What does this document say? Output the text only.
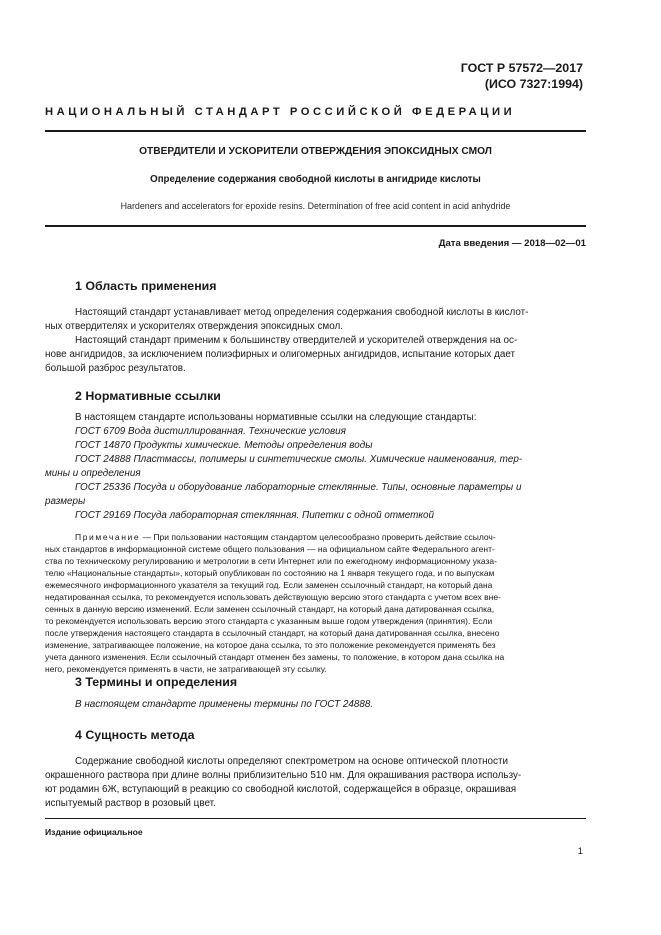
ГОСТ Р 57572—2017
(ИСО 7327:1994)
НАЦИОНАЛЬНЫЙ СТАНДАРТ РОССИЙСКОЙ ФЕДЕРАЦИИ
ОТВЕРДИТЕЛИ И УСКОРИТЕЛИ ОТВЕРЖДЕНИЯ ЭПОКСИДНЫХ СМОЛ
Определение содержания свободной кислоты в ангидриде кислоты
Hardeners and accelerators for epoxide resins. Determination of free acid content in acid anhydride
Дата введения — 2018—02—01
1 Область применения
Настоящий стандарт устанавливает метод определения содержания свободной кислоты в кислот-
ных отвердителях и ускорителях отверждения эпоксидных смол.
Настоящий стандарт применим к большинству отвердителей и ускорителей отверждения на ос-
нове ангидридов, за исключением полиэфирных и олигомерных ангидридов, испытание которых дает
большой разброс результатов.
2 Нормативные ссылки
В настоящем стандарте использованы нормативные ссылки на следующие стандарты:
ГОСТ 6709 Вода дистиллированная. Технические условия
ГОСТ 14870 Продукты химические. Методы определения воды
ГОСТ 24888 Пластмассы, полимеры и синтетические смолы. Химические наименования, тер-
мины и определения
ГОСТ 25336 Посуда и оборудование лабораторные стеклянные. Типы, основные параметры и
размеры
ГОСТ 29169 Посуда лабораторная стеклянная. Пипетки с одной отметкой
Примечание — При пользовании настоящим стандартом целесообразно проверить действие ссылоч-
ных стандартов в информационной системе общего пользования — на официальном сайте Федерального агент-
ства по техническому регулированию и метрологии в сети Интернет или по ежегодному информационному указа-
телю «Национальные стандарты», который опубликован по состоянию на 1 января текущего года, и по выпускам
ежемесячного информационного указателя за текущий год. Если заменен ссылочный стандарт, на который дана
недатированная ссылка, то рекомендуется использовать действующую версию этого стандарта с учетом всех вне-
сенных в данную версию изменений. Если заменен ссылочный стандарт, на который дана датированная ссылка,
то рекомендуется использовать версию этого стандарта с указанным выше годом утверждения (принятия). Если
после утверждения настоящего стандарта в ссылочный стандарт, на который дана датированная ссылка, внесено
изменение, затрагивающее положение, на которое дана ссылка, то это положение рекомендуется применять без
учета данного изменения. Если ссылочный стандарт отменен без замены, то положение, в котором дана ссылка на
него, рекомендуется применять в части, не затрагивающей эту ссылку.
3 Термины и определения
В настоящем стандарте применены термины по ГОСТ 24888.
4 Сущность метода
Содержание свободной кислоты определяют спектрометром на основе оптической плотности
окрашенного раствора при длине волны приблизительно 510 нм. Для окрашивания раствора использу-
ют родамин 6Ж, вступающий в реакцию со свободной кислотой, содержащейся в образце, окрашивая
испытуемый раствор в розовый цвет.
Издание официальное
1
